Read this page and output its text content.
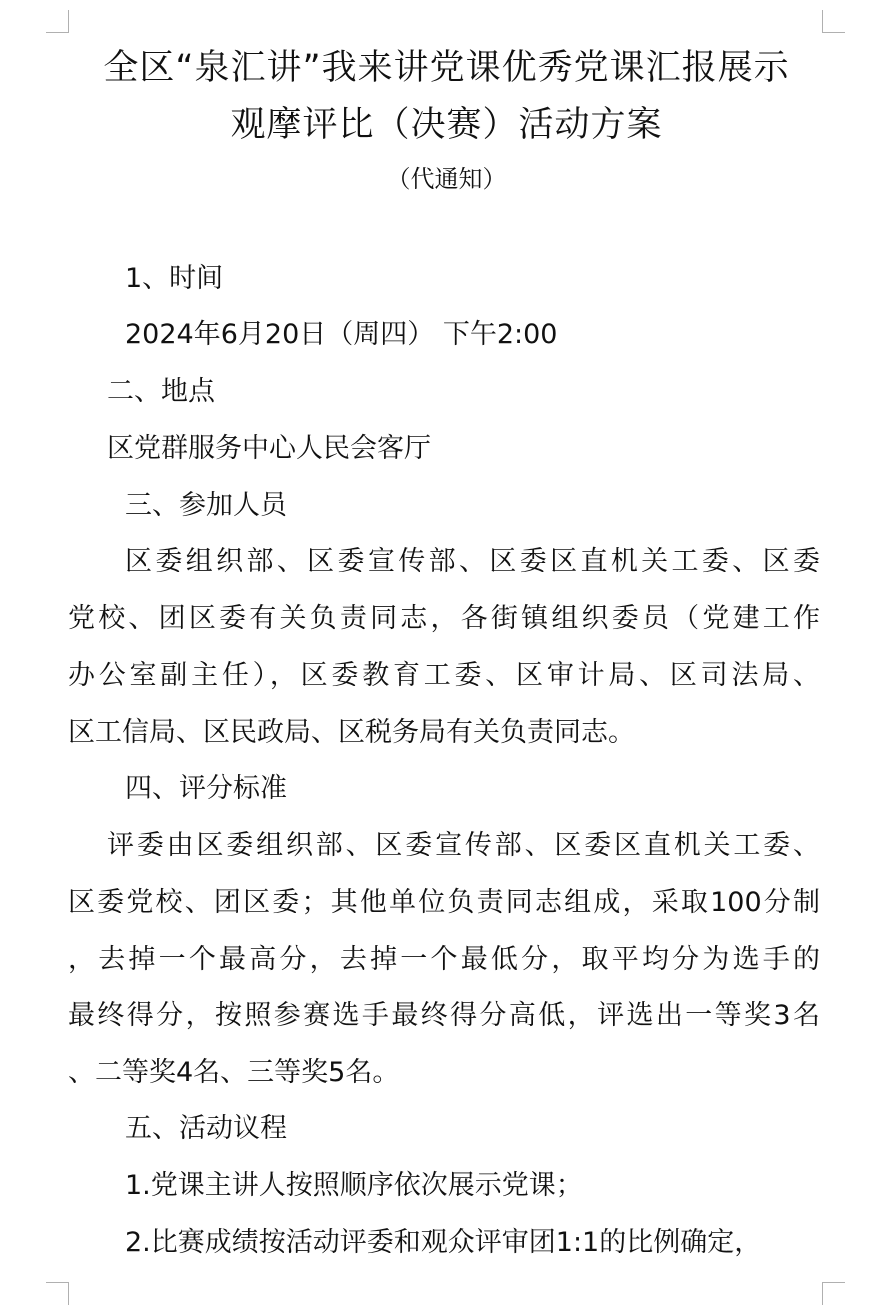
全区“泉汇讲”我来讲党课优秀党课汇报展示
观摩评比（决赛）活动方案
（代通知）
1、时间
2024年6月20日（周四） 下午2:00
二、地点
区党群服务中心人民会客厅
三、参加人员
区委组织部、区委宣传部、区委区直机关工委、区委
党校、团区委有关负责同志，各街镇组织委员（党建工作
办公室副主任），区委教育工委、区审计局、区司法局、
区工信局、区民政局、区税务局有关负责同志。
四、评分标准
评委由区委组织部、区委宣传部、区委区直机关工委、
区委党校、团区委；其他单位负责同志组成，采取100分制
，去掉一个最高分，去掉一个最低分，取平均分为选手的
最终得分，按照参赛选手最终得分高低，评选出一等奖3名
、二等奖4名、三等奖5名。
五、活动议程
1.党课主讲人按照顺序依次展示党课；
2.比赛成绩按活动评委和观众评审团1:1的比例确定，
